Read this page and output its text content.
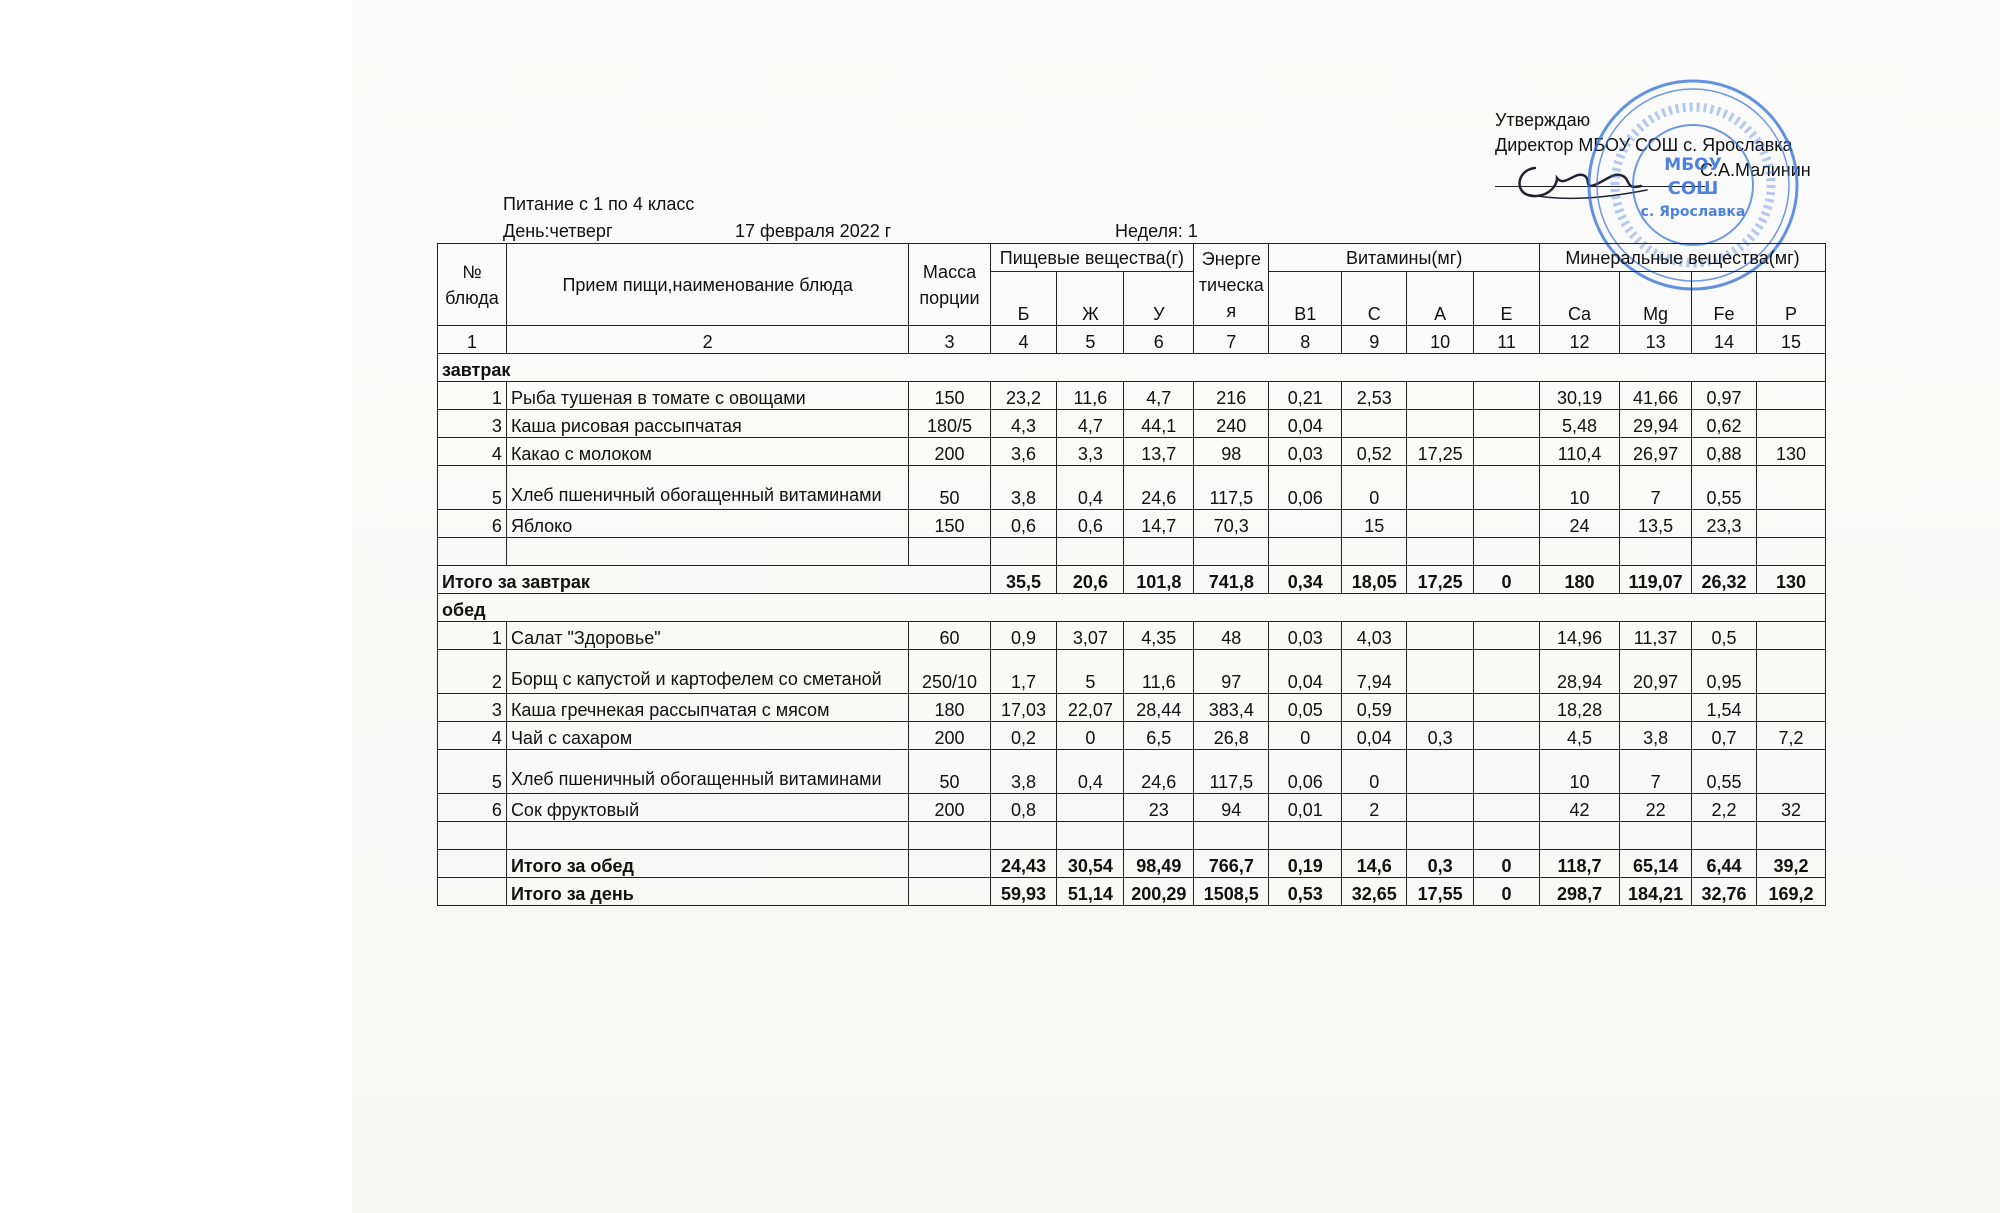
Утверждаю
Директор МБОУ СОШ с. Ярославка
С.А.Малинин
МБОУ
СОШ
с. Ярославка
Питание с 1 по 4 класс
День:четверг	17 февраля 2022 г	Неделя: 1
№ блюда	Прием пищи,наименование блюда	Масса порции	Пищевые вещества(г)			Энергетическая	Витамины(мг)				Минеральные вещества(мг)			
			Б	Ж	У		B1	C	A	E	Ca	Mg	Fe	P
1	2	3	4	5	6	7	8	9	10	11	12	13	14	15
завтрак														
1	Рыба тушеная в томате с овощами	150	23,2	11,6	4,7	216	0,21	2,53			30,19	41,66	0,97	
3	Каша рисовая рассыпчатая	180/5	4,3	4,7	44,1	240	0,04				5,48	29,94	0,62	
4	Какао с молоком	200	3,6	3,3	13,7	98	0,03	0,52	17,25		110,4	26,97	0,88	130
5	Хлеб пшеничный обогащенный витаминами	50	3,8	0,4	24,6	117,5	0,06	0			10	7	0,55	
6	Яблоко	150	0,6	0,6	14,7	70,3		15			24	13,5	23,3	

Итого за завтрак			35,5	20,6	101,8	741,8	0,34	18,05	17,25	0	180	119,07	26,32	130
обед														
1	Салат "Здоровье"	60	0,9	3,07	4,35	48	0,03	4,03			14,96	11,37	0,5	
2	Борщ с капустой и картофелем со сметаной	250/10	1,7	5	11,6	97	0,04	7,94			28,94	20,97	0,95	
3	Каша гречнекая рассыпчатая с мясом	180	17,03	22,07	28,44	383,4	0,05	0,59			18,28		1,54	
4	Чай с сахаром	200	0,2	0	6,5	26,8	0	0,04	0,3		4,5	3,8	0,7	7,2
5	Хлеб пшеничный обогащенный витаминами	50	3,8	0,4	24,6	117,5	0,06	0			10	7	0,55	
6	Сок фруктовый	200	0,8		23	94	0,01	2			42	22	2,2	32

	Итого за обед		24,43	30,54	98,49	766,7	0,19	14,6	0,3	0	118,7	65,14	6,44	39,2
	Итого за день		59,93	51,14	200,29	1508,5	0,53	32,65	17,55	0	298,7	184,21	32,76	169,2
